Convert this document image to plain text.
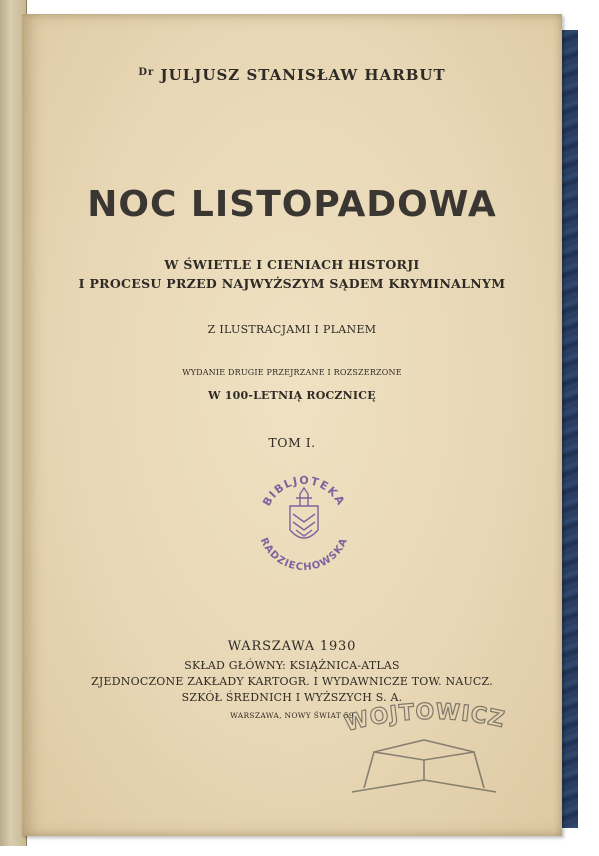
$^{Dr}$ JULJUSZ STANISŁAW HARBUT
NOC LISTOPADOWA
W ŚWIETLE I CIENIACH HISTORJI
I PROCESU PRZED NAJWYŻSZYM SĄDEM KRYMINALNYM
Z ILUSTRACJAMI I PLANEM
WYDANIE DRUGIE PRZEJRZANE I ROZSZERZONE
W 100-LETNIĄ ROCZNICĘ
TOM I.
BIBLJOTEKA
RADZIECHOWSKA
WARSZAWA 1930
SKŁAD GŁÓWNY: KSIĄŻNICA-ATLAS
ZJEDNOCZONE ZAKŁADY KARTOGR. I WYDAWNICZE TOW. NAUCZ.
SZKÓŁ ŚREDNICH I WYŻSZYCH S. A.
WARSZAWA, NOWY ŚWIAT 59
WOJTOWICZ
